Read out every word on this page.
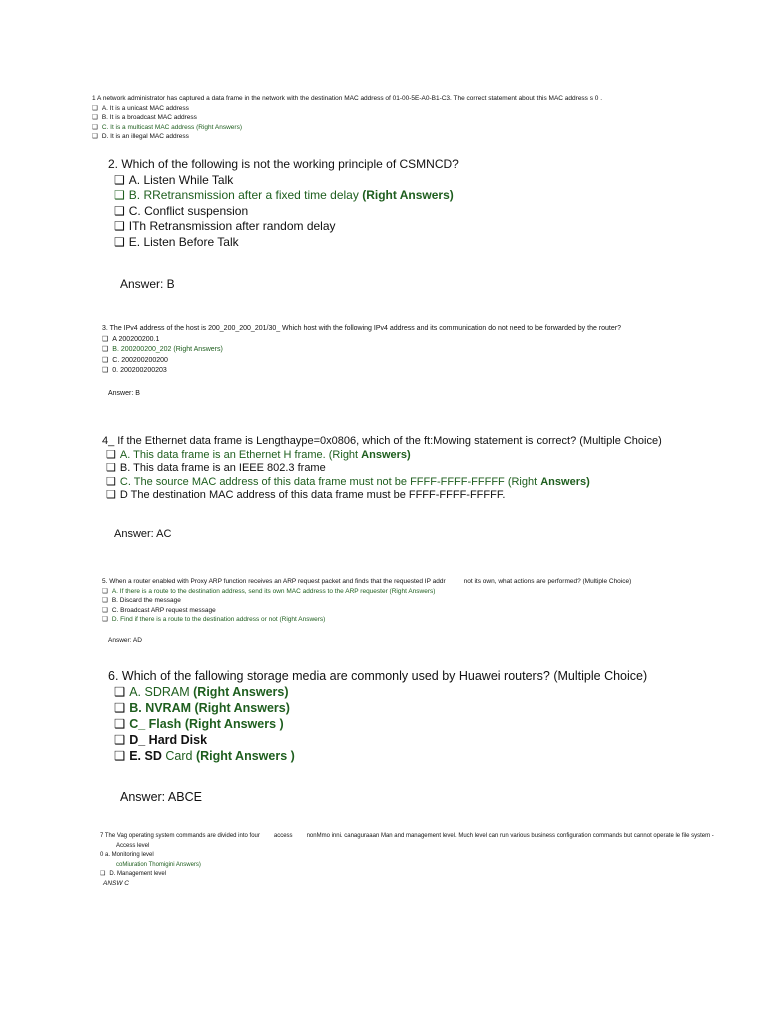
1 A network administrator has captured a data frame in the network with the destination MAC address of 01-00-5E-A0-B1-C3. The correct statement about this MAC address s 0 .
❑ A. It is a unicast MAC address
❑ B. It is a broadcast MAC address
❑ C. It is a multicast MAC address (Right Answers)
❑ D. It is an illegal MAC address
2. Which of the following is not the working principle of CSMNCD?
❑ A. Listen While Talk
❑ B. RRetransmission after a fixed time delay (Right Answers)
❑ C. Conflict suspension
❑ ITh Retransmission after random delay
❑ E. Listen Before Talk
Answer: B
3. The IPv4 address of the host is 200_200_200_201/30_ Which host with the following IPv4 address and its communication do not need to be forwarded by the router?
❑ A 200200200.1
❑ B. 200200200_202 (Right Answers)
❑ C. 200200200200
❑ 0. 200200200203
Answer: B
4_ If the Ethernet data frame is Lengthaype=0x0806, which of the ft:Mowing statement is correct? (Multiple Choice)
❑ A. This data frame is an Ethernet H frame. (Right Answers)
❑ B. This data frame is an IEEE 802.3 frame
❑ C. The source MAC address of this data frame must not be FFFF-FFFF-FFFFF (Right Answers)
❑ D The destination MAC address of this data frame must be FFFF-FFFF-FFFFF.
Answer: AC
5. When a router enabled with Proxy ARP function receives an ARP request packet and finds that the requested IP addr	not its own, what actions are performed? (Multiple Choice)
❑ A. If there is a route to the destination address, send its own MAC address to the ARP requester (Right Answers)
❑ B. Discard the message
❑ C. Broadcast ARP request message
❑ D. Find if there is a route to the destination address or not (Right Answers)
Answer: AD
6. Which of the fallowing storage media are commonly used by Huawei routers? (Multiple Choice)
❑ A. SDRAM (Right Answers)
❑ B. NVRAM (Right Answers)
❑ C_ Flash (Right Answers )
❑ D_ Hard Disk
❑ E. SD Card (Right Answers )
Answer: ABCE
7 The Vag operating system commands are divided into four access nonMmo inni. canaguraaan Man and management level. Much level can run various business configuration commands but cannot operate le file system -
Access level
0 a. Monitoring level
coMiuration Thomigini Answers)
❑ D. Management level
ANSW C
